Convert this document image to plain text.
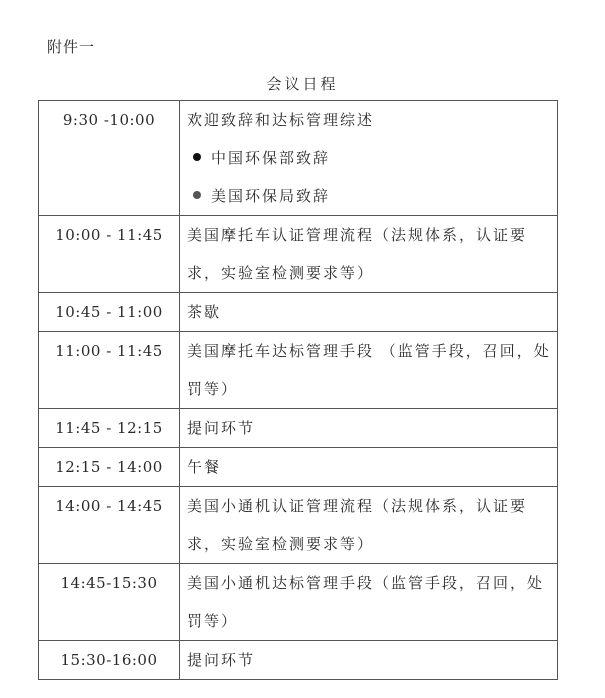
附件一
会议日程
9:30 -10:00	欢迎致辞和达标管理综述
中国环保部致辞
美国环保局致辞

10:00 - 11:45	美国摩托车认证管理流程（法规体系，认证要求，实验室检测要求等）

10:45 - 11:00	茶歇

11:00 - 11:45	美国摩托车达标管理手段 （监管手段，召回，处罚等）

11:45 - 12:15	提问环节

12:15 - 14:00	午餐

14:00 - 14:45	美国小通机认证管理流程（法规体系，认证要求，实验室检测要求等）

14:45-15:30	美国小通机达标管理手段（监管手段，召回，处罚等）

15:30-16:00	提问环节
